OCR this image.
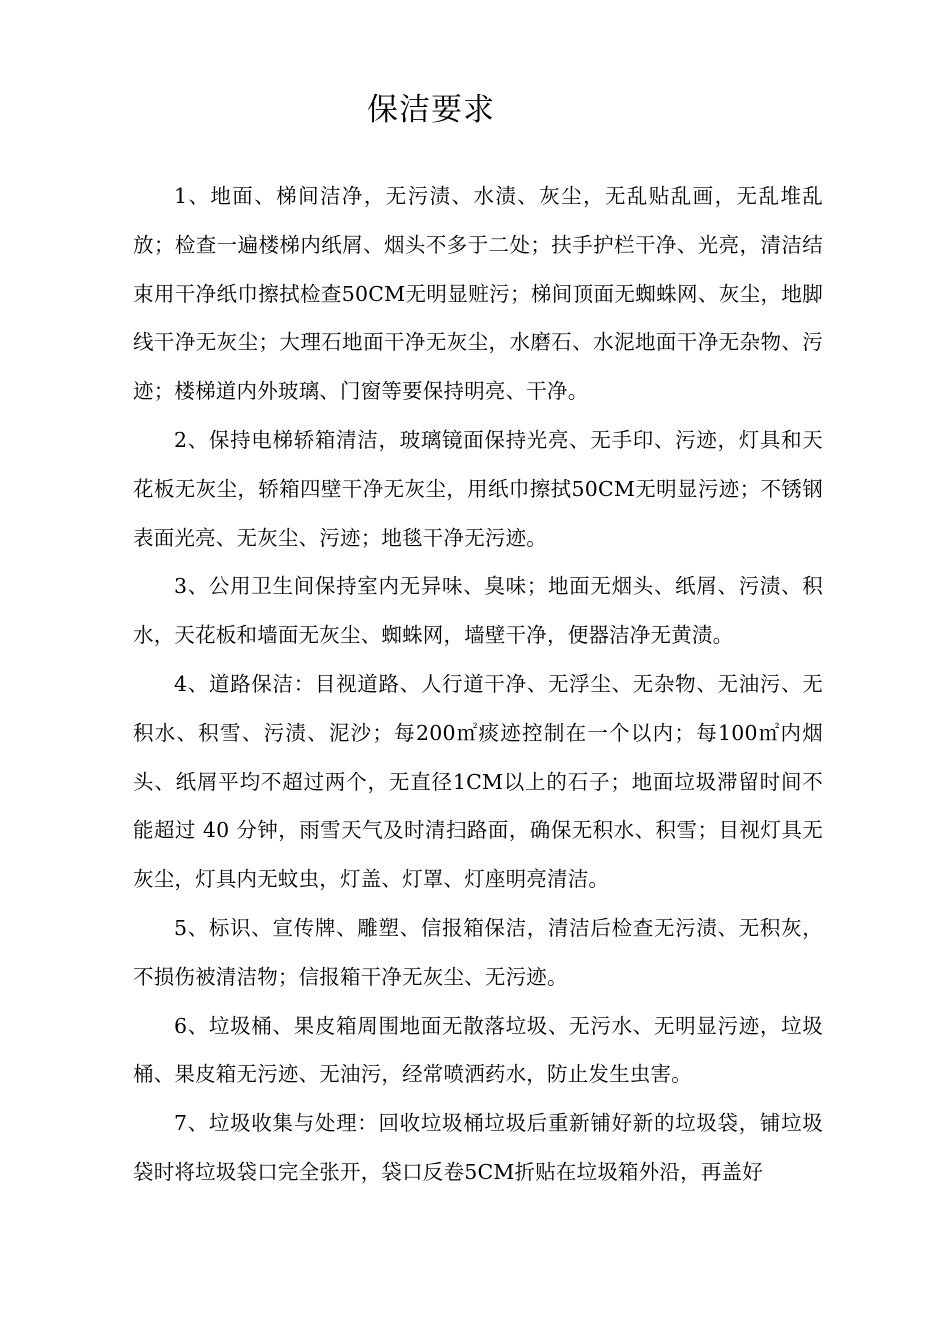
保洁要求

1、地面、梯间洁净，无污渍、水渍、灰尘，无乱贴乱画，无乱堆乱放；检查一遍楼梯内纸屑、烟头不多于二处；扶手护栏干净、光亮，清洁结束用干净纸巾擦拭检查50CM无明显赃污；梯间顶面无蜘蛛网、灰尘，地脚线干净无灰尘；大理石地面干净无灰尘，水磨石、水泥地面干净无杂物、污迹；楼梯道内外玻璃、门窗等要保持明亮、干净。

2、保持电梯轿箱清洁，玻璃镜面保持光亮、无手印、污迹，灯具和天花板无灰尘，轿箱四壁干净无灰尘，用纸巾擦拭50CM无明显污迹；不锈钢表面光亮、无灰尘、污迹；地毯干净无污迹。

3、公用卫生间保持室内无异味、臭味；地面无烟头、纸屑、污渍、积水，天花板和墙面无灰尘、蜘蛛网，墙壁干净，便器洁净无黄渍。

4、道路保洁：目视道路、人行道干净、无浮尘、无杂物、无油污、无积水、积雪、污渍、泥沙；每200㎡痰迹控制在一个以内；每100㎡内烟头、纸屑平均不超过两个，无直径1CM以上的石子；地面垃圾滞留时间不能超过 40 分钟，雨雪天气及时清扫路面，确保无积水、积雪；目视灯具无灰尘，灯具内无蚊虫，灯盖、灯罩、灯座明亮清洁。

5、标识、宣传牌、雕塑、信报箱保洁，清洁后检查无污渍、无积灰，不损伤被清洁物；信报箱干净无灰尘、无污迹。

6、垃圾桶、果皮箱周围地面无散落垃圾、无污水、无明显污迹，垃圾桶、果皮箱无污迹、无油污，经常喷洒药水，防止发生虫害。

7、垃圾收集与处理：回收垃圾桶垃圾后重新铺好新的垃圾袋，铺垃圾袋时将垃圾袋口完全张开，袋口反卷5CM折贴在垃圾箱外沿，再盖好
